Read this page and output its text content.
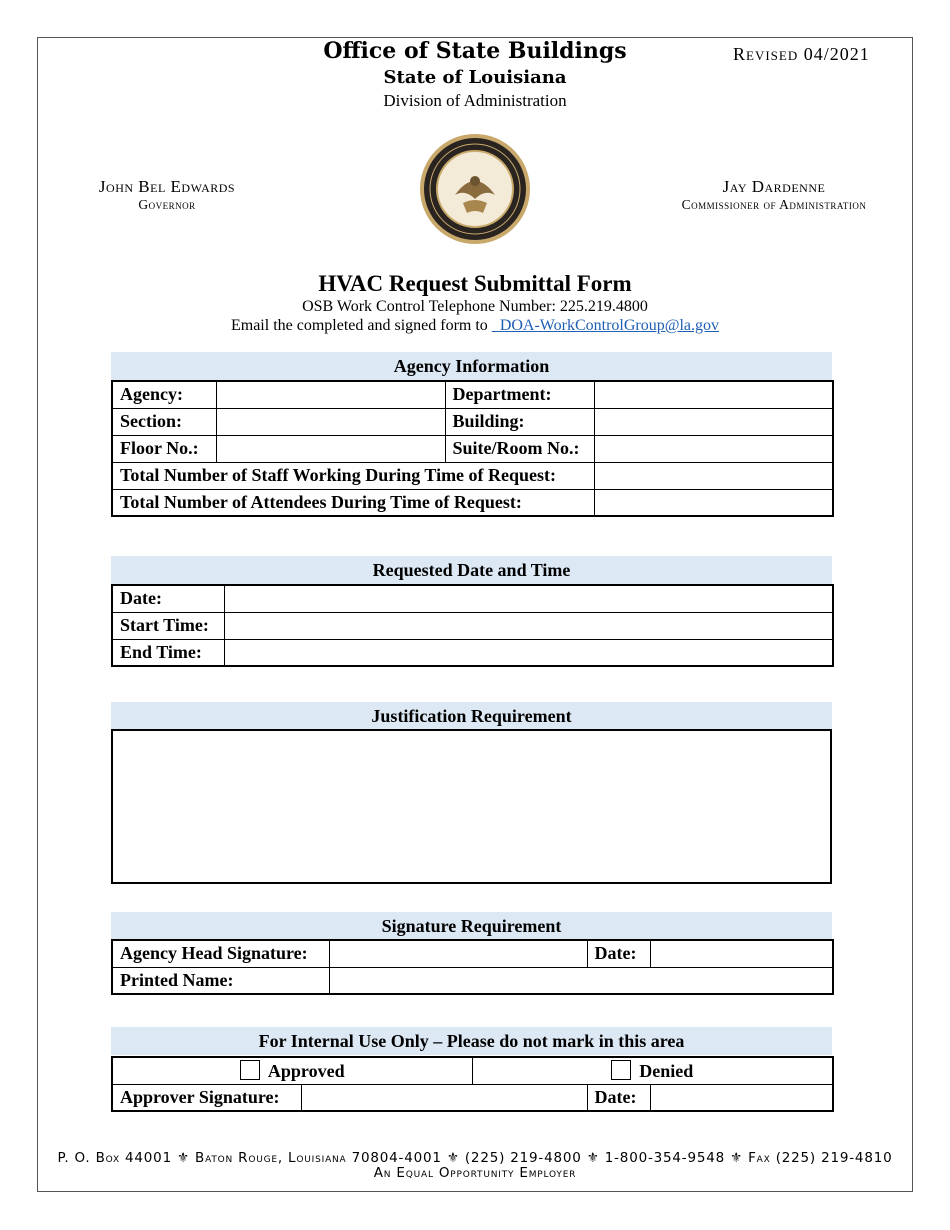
Office of State Buildings
State of Louisiana
Division of Administration
Revised 04/2021
John Bel Edwards
Governor
Jay Dardenne
Commissioner of Administration
HVAC Request Submittal Form
OSB Work Control Telephone Number: 225.219.4800
Email the completed and signed form to _DOA-WorkControlGroup@la.gov
Agency Information
Agency:		Department:	
Section:		Building:	
Floor No.:		Suite/Room No.:	
Total Number of Staff Working During Time of Request:			
Total Number of Attendees During Time of Request:			
Requested Date and Time
Date:	
Start Time:	
End Time:	
Justification Requirement
Signature Requirement
Agency Head Signature:		Date:	
Printed Name:			
For Internal Use Only – Please do not mark in this area
Approved		Denied		
Approver Signature:			Date:	
P. O. Box 44001 ⚜ Baton Rouge, Louisiana 70804-4001 ⚜ (225) 219-4800 ⚜ 1-800-354-9548 ⚜ Fax (225) 219-4810
An Equal Opportunity Employer
